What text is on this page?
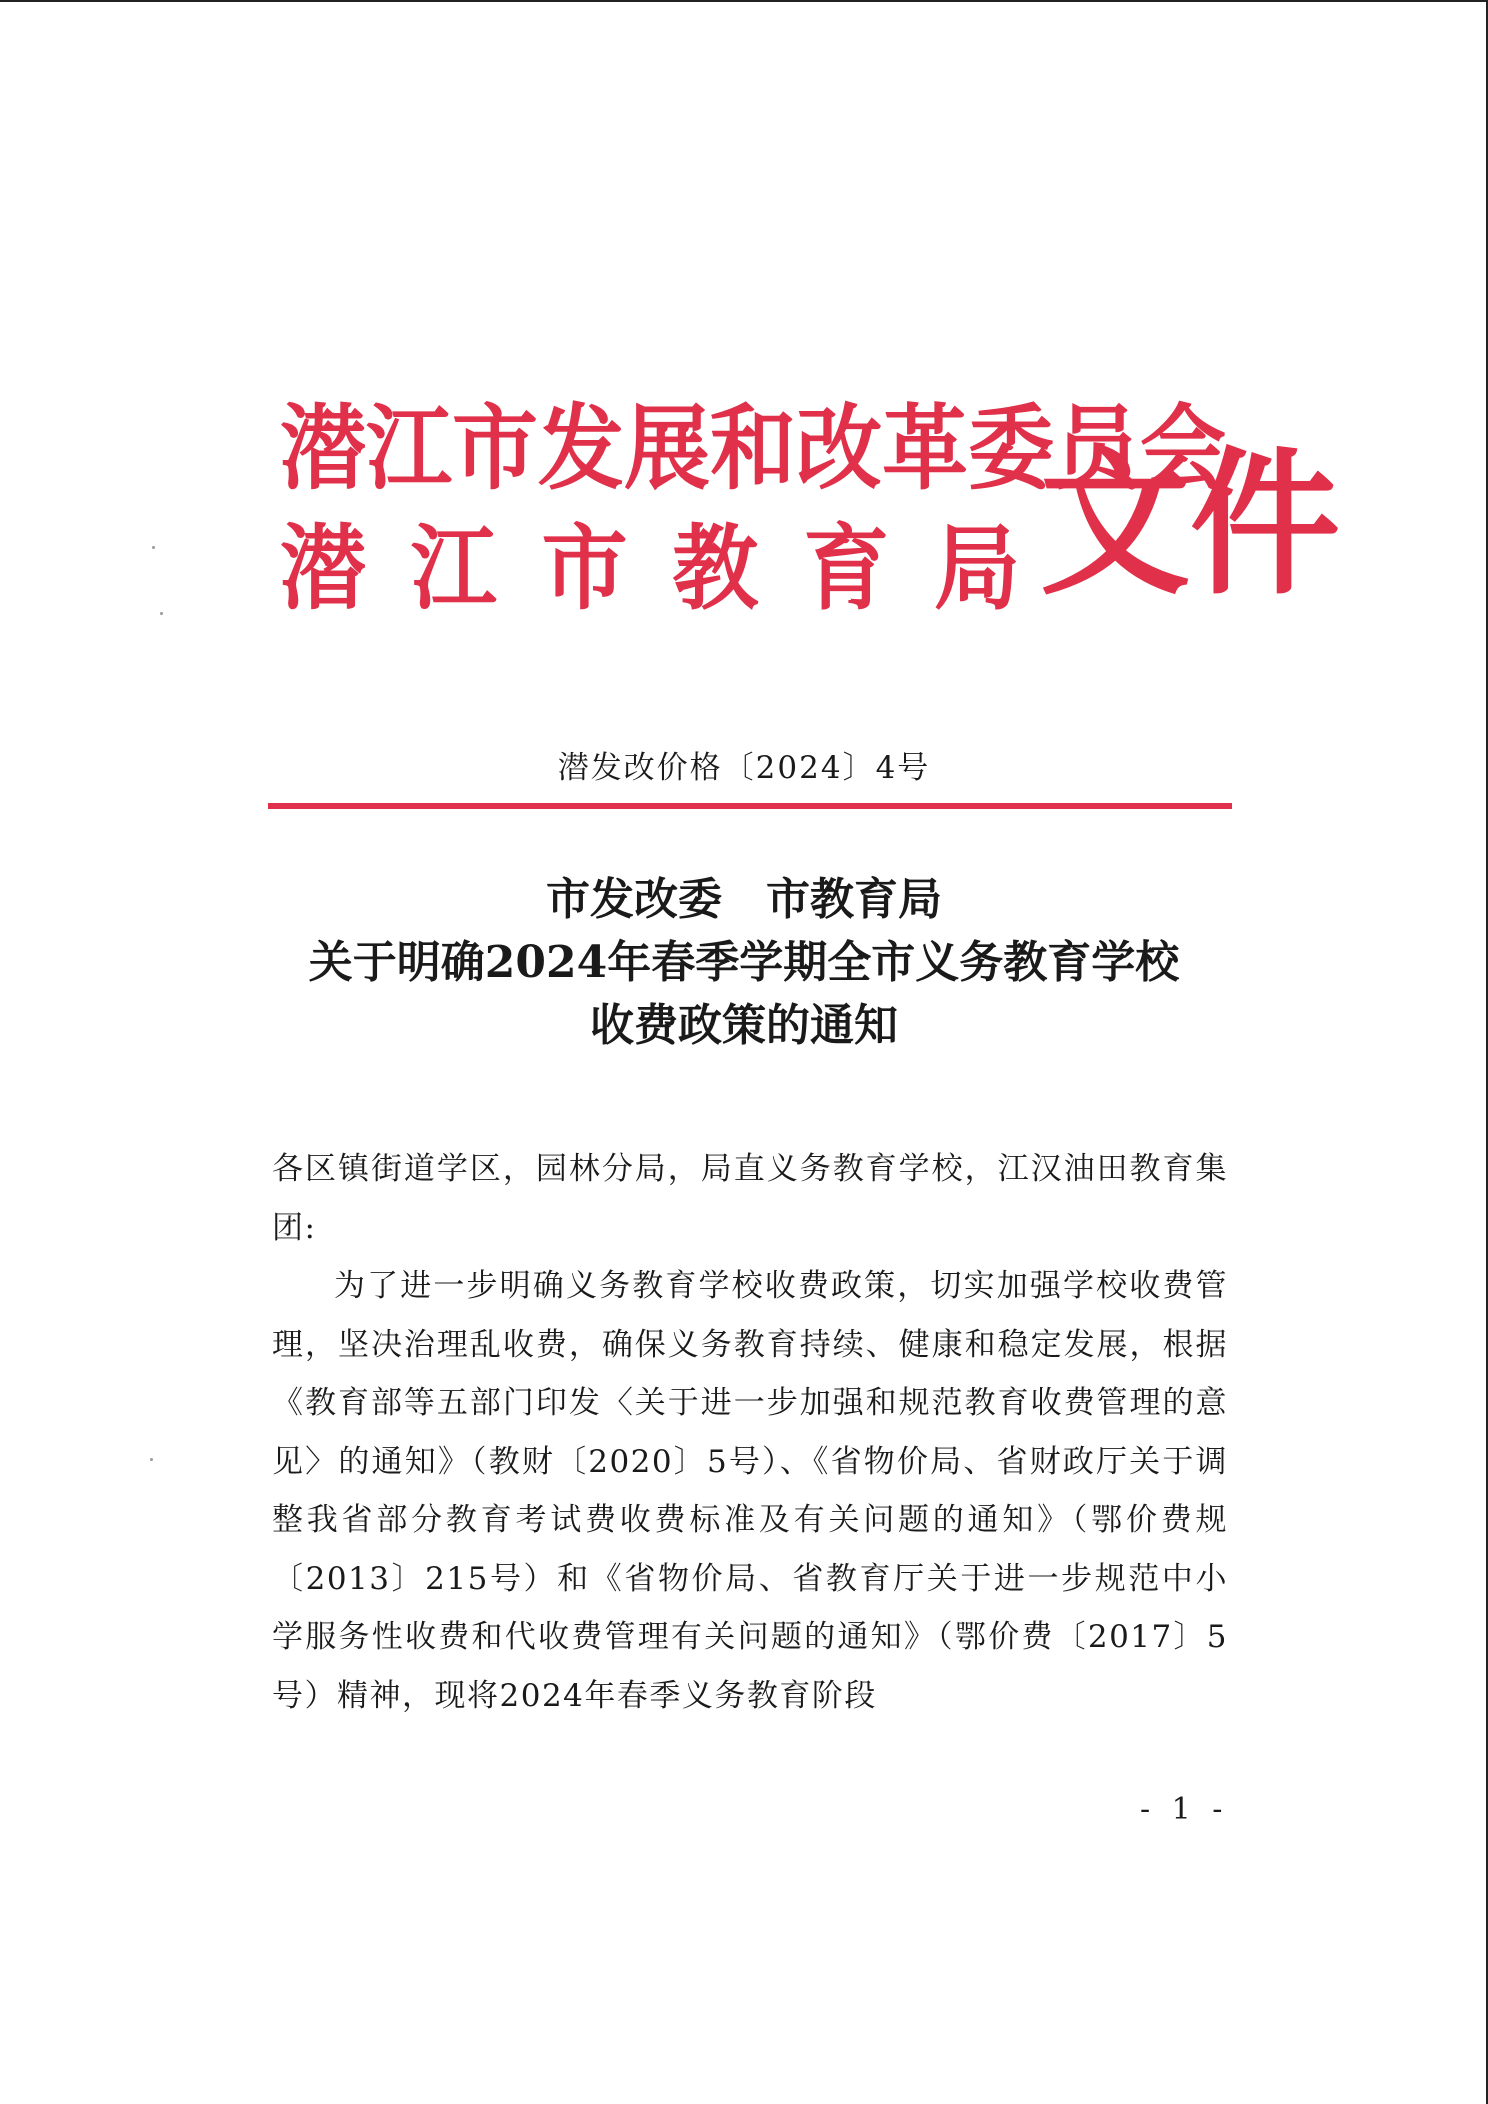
潜江市发展和改革委员会
潜 江 市 教 育 局 文件
潜发改价格〔2024〕4号
市发改委 市教育局
关于明确2024年春季学期全市义务教育学校
收费政策的通知

各区镇街道学区，园林分局，局直义务教育学校，江汉油田教育集团:

为了进一步明确义务教育学校收费政策，切实加强学校收费管理，坚决治理乱收费，确保义务教育持续、健康和稳定发展，根据《教育部等五部门印发〈关于进一步加强和规范教育收费管理的意见〉的通知》（教财〔2020〕5号）、《省物价局、省财政厅关于调整我省部分教育考试费收费标准及有关问题的通知》（鄂价费规〔2013〕215号）和《省物价局、省教育厅关于进一步规范中小学服务性收费和代收费管理有关问题的通知》（鄂价费〔2017〕5号）精神，现将2024年春季义务教育阶段

- 1 -
